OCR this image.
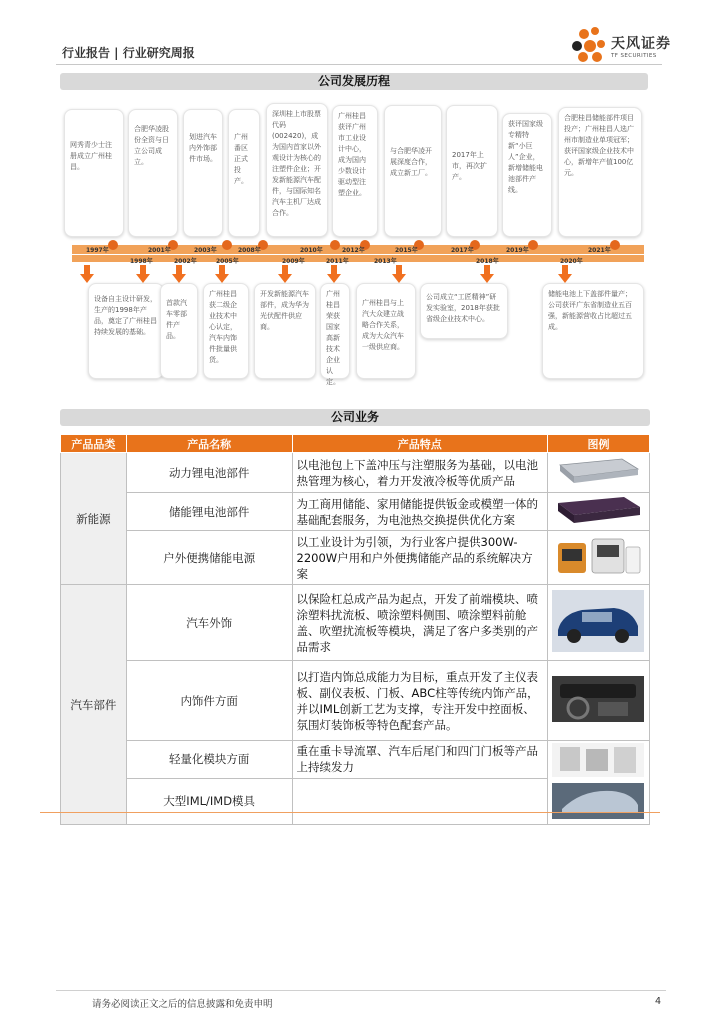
行业报告 | 行业研究周报
天风证券
TF SECURITIES
公司发展历程
网秀青少士注册成立广州桂昌。
合肥华凌股份全资与日立公司成立。
划进汽车内外饰部件市场。
广州番区正式投产。
深圳桂上市股票代码(002420)，成为国内首家以外观设计为核心的注塑件企业；开发新能源汽车配件，与国际知名汽车主机厂达成合作。
广州桂昌获评广州市工业设计中心，成为国内少数设计驱动型注塑企业。
与合肥华凌开展深度合作，成立新工厂。
2017年上市，再次扩产。
获评国家级专精特新“小巨人”企业，新增储能电池部件产线。
合肥桂昌储能部件项目投产；广州桂昌人选广州市制造业单项冠军；获评国家级企业技术中心，新增年产值100亿元。
1997年	2001年	2003年	2008年	2010年	2012年	2015年	2017年	2019年	2021年
1998年	2002年	2005年	2009年	2011年	2013年	2018年	2020年
设备自主设计研发，生产的1998年产品，奠定了广州桂昌持续发展的基础。
首款汽车零部件产品。
广州桂昌获二级企业技术中心认定，汽车内饰件批量供货。
开发新能源汽车部件，成为华为光伏配件供应商。
广州桂昌荣获国家高新技术企业认定。
广州桂昌与上汽大众建立战略合作关系，成为大众汽车一级供应商。
公司成立“工匠精神”研发实验室，2018年获批省级企业技术中心。
储能电池上下盖部件量产；公司获评广东省制造业五百强，新能源营收占比超过五成。
公司业务
产品品类	产品名称	产品特点	图例
新能源	动力锂电池部件	以电池包上下盖冲压与注塑服务为基础，以电池热管理为核心，着力开发液冷板等优质产品	
	储能锂电池部件	为工商用储能、家用储能提供钣金或模塑一体的基础配套服务，为电池热交换提供优化方案	
	户外便携储能电源	以工业设计为引领，为行业客户提供300W-2200W户用和户外便携储能产品的系统解决方案	
汽车部件	汽车外饰	以保险杠总成产品为起点，开发了前端模块、喷涂塑料扰流板、喷涂塑料侧围、喷涂塑料前舱盖、吹塑扰流板等模块，满足了客户多类别的产品需求	
	内饰件方面	以打造内饰总成能力为目标，重点开发了主仪表板、副仪表板、门板、ABC柱等传统内饰产品，并以IML创新工艺为支撑，专注开发中控面板、氛围灯装饰板等特色配套产品。	
	轻量化模块方面	重在重卡导流罩、汽车后尾门和四门门板等产品上持续发力	
	大型IML/IMD模具		
请务必阅读正文之后的信息披露和免责申明	4
